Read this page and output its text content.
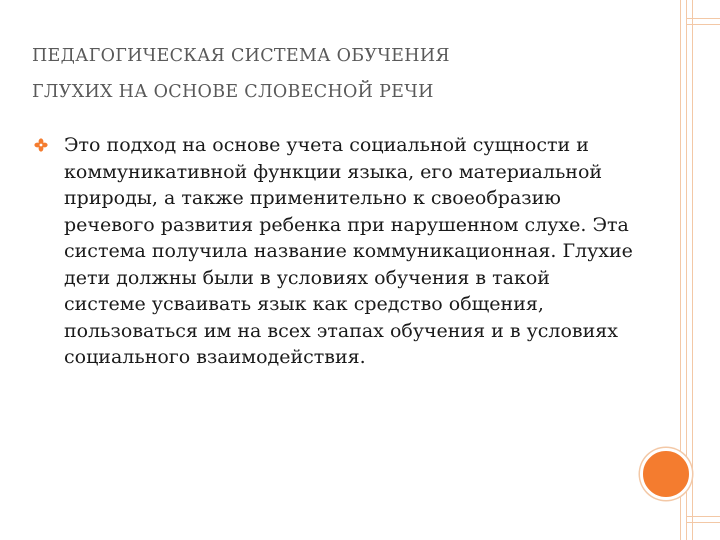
ПЕДАГОГИЧЕСКАЯ СИСТЕМА ОБУЧЕНИЯ
ГЛУХИХ НА ОСНОВЕ СЛОВЕСНОЙ РЕЧИ
Это подход на основе учета социальной сущности и коммуникативной функции языка, его материальной природы, а также применительно к своеобразию речевого развития ребенка при нарушенном слухе. Эта система получила название коммуникационная. Глухие дети должны были в условиях обучения в такой системе усваивать язык как средство общения, пользоваться им на всех этапах обучения и в условиях социального взаимодействия.
